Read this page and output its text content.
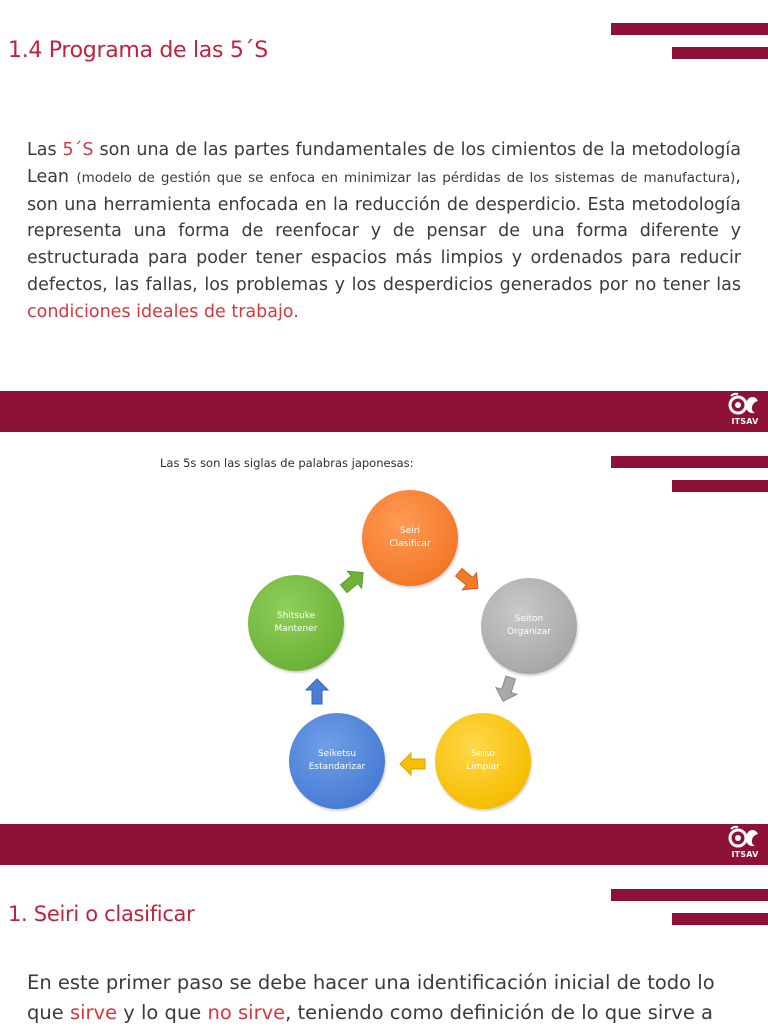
1.4 Programa de las 5´S
Las 5´S son una de las partes fundamentales de los cimientos de la metodología Lean (modelo de gestión que se enfoca en minimizar las pérdidas de los sistemas de manufactura), son una herramienta enfocada en la reducción de desperdicio. Esta metodología representa una forma de reenfocar y de pensar de una forma diferente y estructurada para poder tener espacios más limpios y ordenados para reducir defectos, las fallas, los problemas y los desperdicios generados por no tener las condiciones ideales de trabajo.
ITSAV
Las 5s son las siglas de palabras japonesas:
Seiri
Clasificar
Seiton
Organizar
Seiso
Limpiar
Seiketsu
Estandarizar
Shitsuke
Mantener
ITSAV
1. Seiri o clasificar
En este primer paso se debe hacer una identificación inicial de todo lo que sirve y lo que no sirve, teniendo como definición de lo que sirve a
